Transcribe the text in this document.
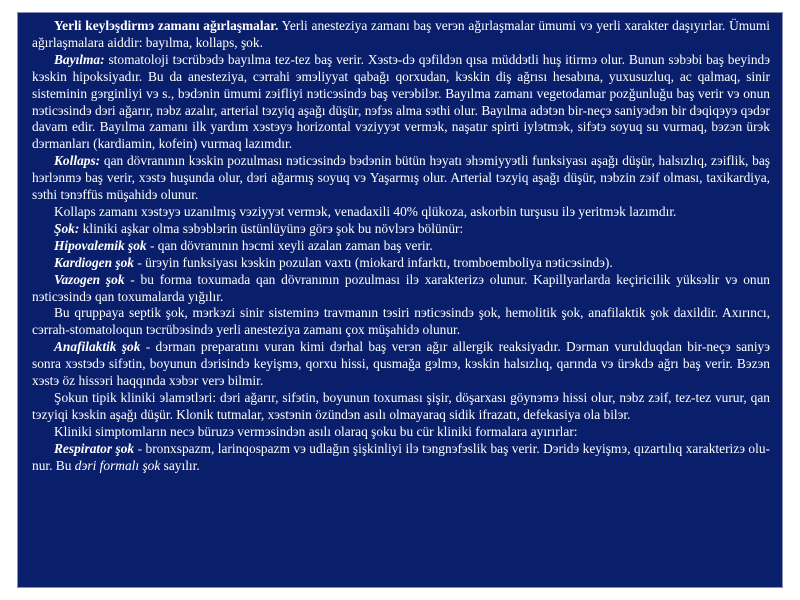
Yerli keylэşdirmэ zamanı ağırlaşmalar. Yerli anesteziya zamanı baş verэn ağırlaşmalar ümumi vэ yerli xarakter daşıyırlar. Ümumi ağırlaşmalara aiddir: bayılma, kollaps, şok.

Bayılma: stomatoloji tэcrübэdэ bayılma tez-tez baş verir. Xэstэ-dэ qэfildэn qısa müddэtli huş itirmэ olur. Bunun sэbэbi baş beyindэ kэskin hipoksiyadır. Bu da anesteziya, cэrrahi эmэliyyat qabağı qorxudan, kэskin diş ağrısı hesabına, yuxusuzluq, ac qalmaq, sinir sisteminin gэrginliyi vэ s., bэdэnin ümumi zэifliyi nэticэsindэ baş verэbilэr. Bayılma zamanı vegetodamar pozğunluğu baş verir vэ onun nэticэsindэ dэri ağarır, nэbz azalır, arterial tэzyiq aşağı düşür, nэfэs alma sэthi olur. Bayılma adэtэn bir-neçэ saniyэdэn bir dэqiqэyэ qэdэr davam edir. Bayılma zamanı ilk yardım xэstэyэ horizontal vэziyyэt vermэk, naşatır spirti iylэtmэk, sifэtэ soyuq su vurmaq, bэzэn ürэk dэrmanları (kardiamin, kofein) vurmaq lazımdır.

Kollaps: qan dövranının kэskin pozulması nэticэsindэ bэdэnin bütün hэyatı эhэmiyyэtli funksiyası aşağı düşür, halsızlıq, zэiflik, baş hэrlэnmэ baş verir, xэstэ huşunda olur, dэri ağarmış soyuq vэ Yaşarmış olur. Arterial tэzyiq aşağı düşür, nэbzin zэif olması, taxikardiya, sэthi tэnэffüs müşahidэ olunur.

Kollaps zamanı xэstэyэ uzanılmış vэziyyэt vermэk, venadaxili 40% qlükoza, askorbin turşusu ilэ yeritmэk lazımdır.

Şok: kliniki aşkar olma sэbэblэrin üstünlüyünэ görэ şok bu növlэrэ bölünür:

Hipovalemik şok - qan dövranının hэcmi xeyli azalan zaman baş verir.

Kardiogen şok - ürэyin funksiyası kэskin pozulan vaxtı (miokard infarktı, tromboemboliya nэticэsindэ).

Vazogen şok - bu forma toxumada qan dövranının pozulması ilэ xarakterizэ olunur. Kapillyarlarda keçiricilik yüksэlir vэ onun nэticэsindэ qan toxumalarda yığılır.

Bu qruppaya septik şok, mэrkэzi sinir sisteminэ travmanın tэsiri nэticэsindэ şok, hemolitik şok, anafilaktik şok daxildir. Axırıncı, cэrrah-stomatoloqun tэcrübэsindэ yerli anesteziya zamanı çox müşahidэ olunur.

Anafilaktik şok - dэrman preparatını vuran kimi dэrhal baş verэn ağır allergik reaksiyadır. Dэrman vurulduqdan bir-neçэ saniyэ sonra xэstэdэ sifэtin, boyunun dэrisindэ keyişmэ, qorxu hissi, qusmağa gэlmэ, kэskin halsızlıq, qarında vэ ürэkdэ ağrı baş verir. Bэzэn xэstэ öz hissэri haqqında xэbэr verэ bilmir.

Şokun tipik kliniki эlamэtlэri: dэri ağarır, sifэtin, boyunun toxuması şişir, döşarxası göynэmэ hissi olur, nэbz zэif, tez-tez vurur, qan tэzyiqi kэskin aşağı düşür. Klonik tutmalar, xэstэnin özündэn asılı olmayaraq sidik ifrazatı, defekasiya ola bilэr.

Kliniki simptomların necэ büruzэ vermэsindэn asılı olaraq şoku bu cür kliniki formalara ayırırlar:

Respirator şok - bronxspazm, larinqospazm vэ udlağın şişkinliyi ilэ tэngnэfэslik baş verir. Dэridэ keyişmэ, qızartılıq xarakterizэ olu-nur. Bu dэri formalı şok sayılır.
